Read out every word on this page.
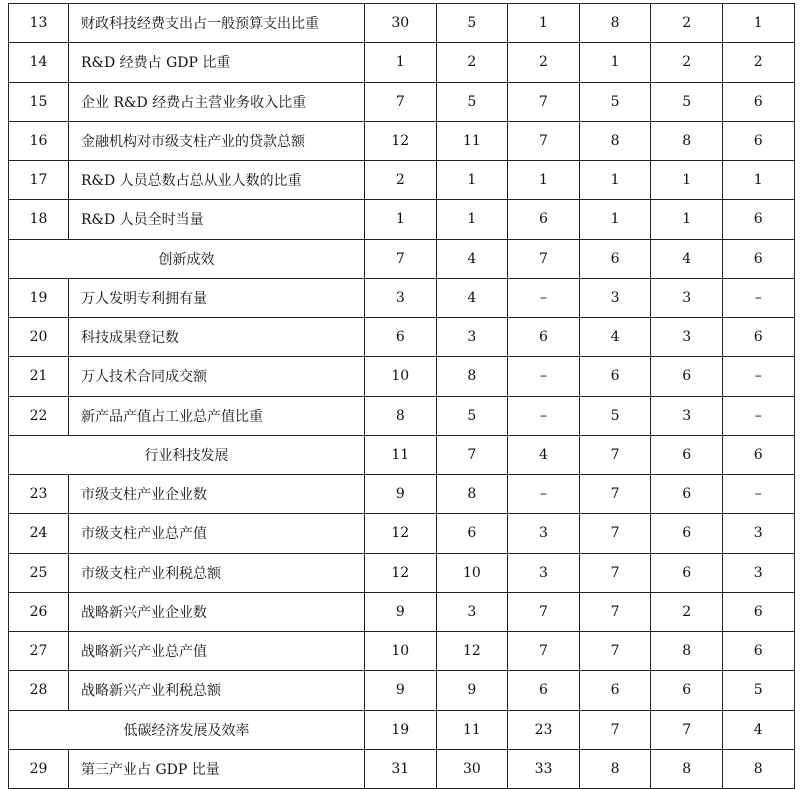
13	财政科技经费支出占一般预算支出比重	30	5	1	8	2	1
14	R&D 经费占 GDP 比重	1	2	2	1	2	2
15	企业 R&D 经费占主营业务收入比重	7	5	7	5	5	6
16	金融机构对市级支柱产业的贷款总额	12	11	7	8	8	6
17	R&D 人员总数占总从业人数的比重	2	1	1	1	1	1
18	R&D 人员全时当量	1	1	6	1	1	6
创新成效		7	4	7	6	4	6
19	万人发明专利拥有量	3	4	–	3	3	–
20	科技成果登记数	6	3	6	4	3	6
21	万人技术合同成交额	10	8	–	6	6	–
22	新产品产值占工业总产值比重	8	5	–	5	3	–
行业科技发展		11	7	4	7	6	6
23	市级支柱产业企业数	9	8	–	7	6	–
24	市级支柱产业总产值	12	6	3	7	6	3
25	市级支柱产业利税总额	12	10	3	7	6	3
26	战略新兴产业企业数	9	3	7	7	2	6
27	战略新兴产业总产值	10	12	7	7	8	6
28	战略新兴产业利税总额	9	9	6	6	6	5
低碳经济发展及效率		19	11	23	7	7	4
29	第三产业占 GDP 比量	31	30	33	8	8	8
